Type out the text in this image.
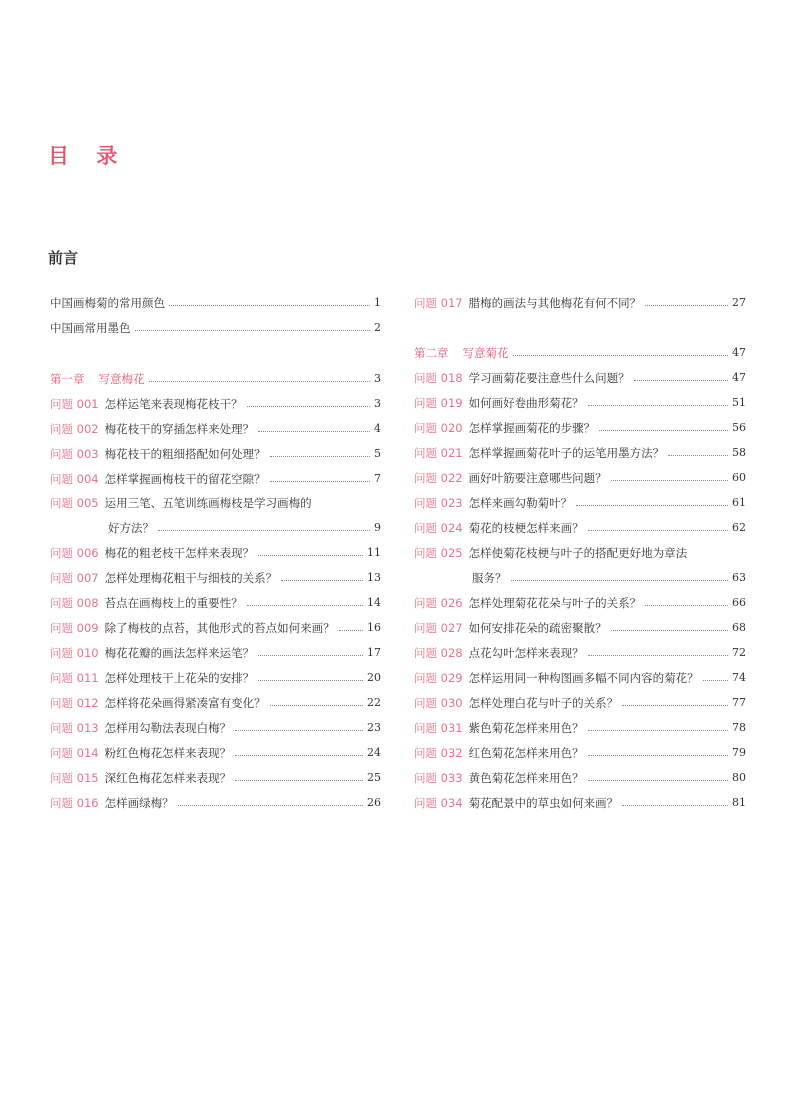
目 录
前言
中国画梅菊的常用颜色	1
中国画常用墨色	2
第一章 写意梅花	3
问题 001 怎样运笔来表现梅花枝干？	3
问题 002 梅花枝干的穿插怎样来处理？	4
问题 003 梅花枝干的粗细搭配如何处理？	5
问题 004 怎样掌握画梅枝干的留花空隙？	7
问题 005 运用三笔、五笔训练画梅枝是学习画梅的
好方法？	9
问题 006 梅花的粗老枝干怎样来表现？	11
问题 007 怎样处理梅花粗干与细枝的关系？	13
问题 008 苔点在画梅枝上的重要性？	14
问题 009 除了梅枝的点苔，其他形式的苔点如何来画？	16
问题 010 梅花花瓣的画法怎样来运笔？	17
问题 011 怎样处理枝干上花朵的安排？	20
问题 012 怎样将花朵画得紧凑富有变化？	22
问题 013 怎样用勾勒法表现白梅？	23
问题 014 粉红色梅花怎样来表现？	24
问题 015 深红色梅花怎样来表现？	25
问题 016 怎样画绿梅？	26
问题 017 腊梅的画法与其他梅花有何不同？	27
第二章 写意菊花	47
问题 018 学习画菊花要注意些什么问题？	47
问题 019 如何画好卷曲形菊花？	51
问题 020 怎样掌握画菊花的步骤？	56
问题 021 怎样掌握画菊花叶子的运笔用墨方法？	58
问题 022 画好叶筋要注意哪些问题？	60
问题 023 怎样来画勾勒菊叶？	61
问题 024 菊花的枝梗怎样来画？	62
问题 025 怎样使菊花枝梗与叶子的搭配更好地为章法
服务？	63
问题 026 怎样处理菊花花朵与叶子的关系？	66
问题 027 如何安排花朵的疏密聚散？	68
问题 028 点花勾叶怎样来表现？	72
问题 029 怎样运用同一种构图画多幅不同内容的菊花？	74
问题 030 怎样处理白花与叶子的关系？	77
问题 031 紫色菊花怎样来用色？	78
问题 032 红色菊花怎样来用色？	79
问题 033 黄色菊花怎样来用色？	80
问题 034 菊花配景中的草虫如何来画？	81
